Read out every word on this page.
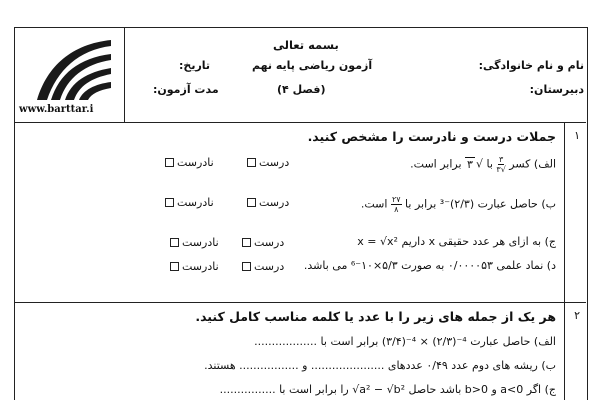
www.barttar.i
بسمه تعالی
آزمون ریاضی پایه نهم
(فصل ۴)
نام و نام خانوادگی:
دبیرستان:
تاریخ:
مدت آزمون:
۱
جملات درست و نادرست را مشخص کنید.
الف) کسر
$\frac{۳}{√۳}$
با √۳ برابر است.
درست
نادرست
ب) حاصل عبارت (۲/۳)⁻³ برابر با
$\frac{۲۷}{۸}$
است.
درست
نادرست
ج) به ازای هر عدد حقیقی x داریم x = √x²
درست
نادرست
د) نماد علمی ۰/۰۰۰۰۵۳ به صورت ۵/۳×۱۰⁻⁶ می باشد.
درست
نادرست
۲
هر یک از جمله های زیر را با عدد یا کلمه مناسب کامل کنید.
الف) حاصل عبارت (۳/۴)⁻⁴ × (۲/۳)⁻⁴ برابر است با ..................
ب) ریشه های دوم عدد ۰/۴۹ عددهای ..................... و ................. هستند.
ج) اگر a<0 و b>0 باشد حاصل √a² − √b² را برابر است با ................
